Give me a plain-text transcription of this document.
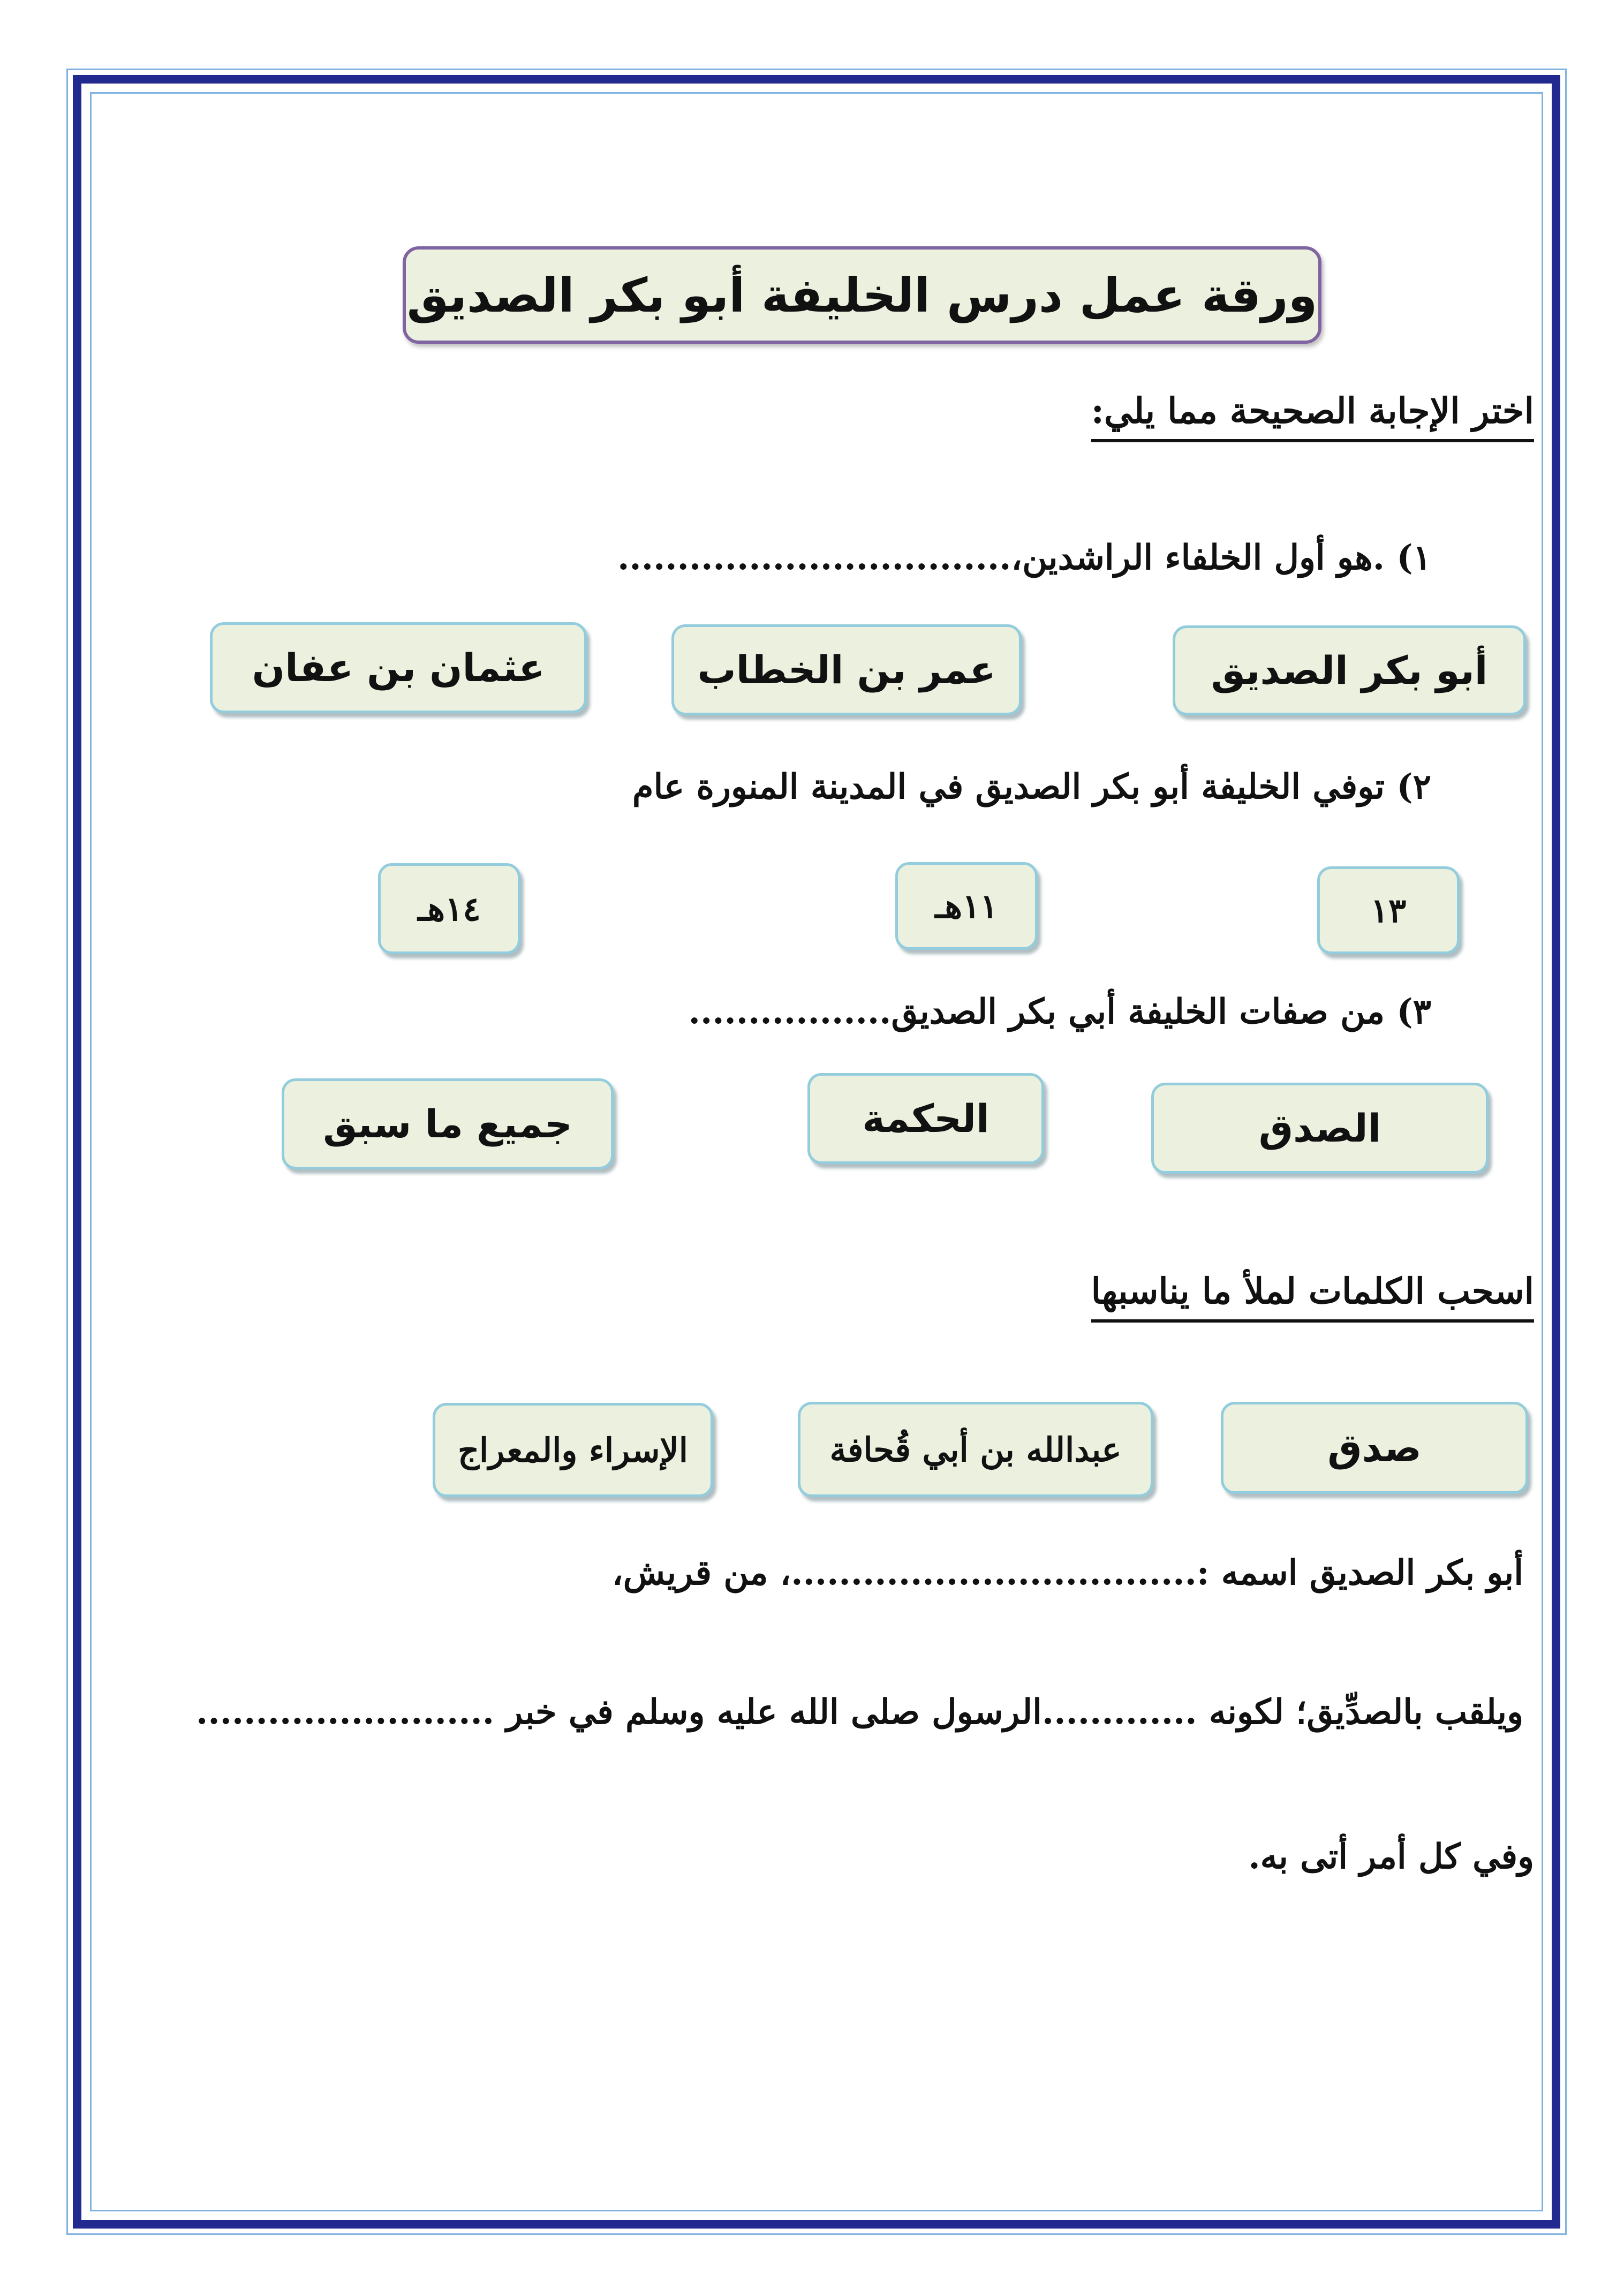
ورقة عمل درس الخليفة أبو بكر الصديق
اختر الإجابة الصحيحة مما يلي:
١) .هو أول الخلفاء الراشدين،.................................
أبو بكر الصديق
عمر بن الخطاب
عثمان بن عفان
٢) توفي الخليفة أبو بكر الصديق في المدينة المنورة عام
١٣
١١هـ
١٤هـ
٣) من صفات الخليفة أبي بكر الصديق.................
الصدق
الحكمة
جميع ما سبق
اسحب الكلمات لملأ ما يناسبها
صدق
عبدالله بن أبي قُحافة
الإسراء والمعراج
أبو بكر الصديق اسمه :..................................، من قريش،
ويلقب بالصدِّيق؛ لكونه .............الرسول صلى الله عليه وسلم في خبر .........................
وفي كل أمر أتى به.
